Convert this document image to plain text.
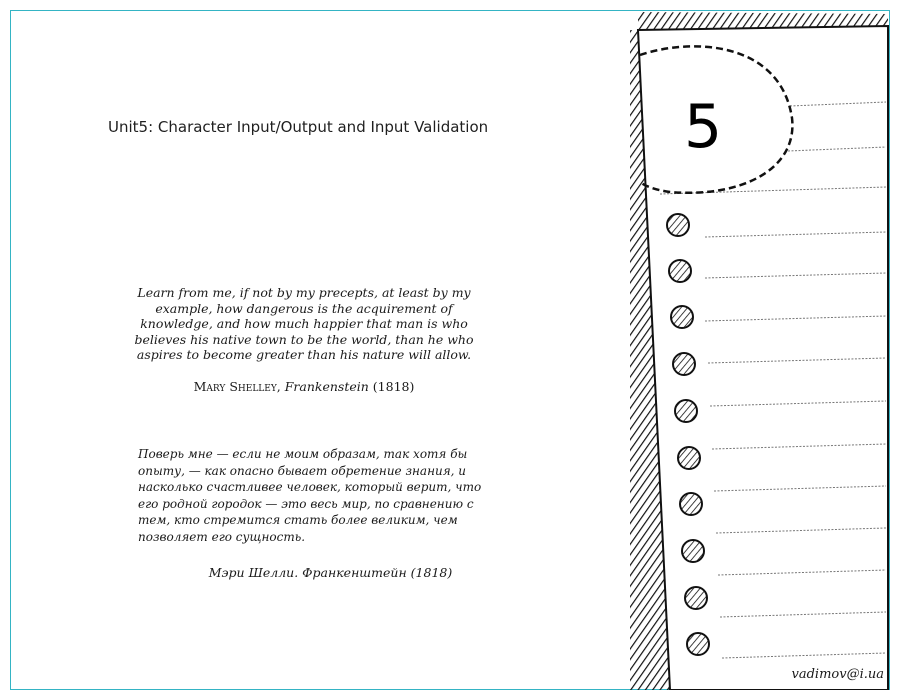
Unit5: Character Input/Output and Input Validation
Learn from me, if not by my precepts, at least by my example, how dangerous is the acquirement of knowledge, and how much happier that man is who believes his native town to be the world, than he who aspires to become greater than his nature will allow.
Mary Shelley, Frankenstein (1818)
Поверь мне — если не моим образам, так хотя бы опыту, — как опасно бывает обретение знания, и насколько счастливее человек, который верит, что его родной городок — это весь мир, по сравнению с тем, кто стремится стать более великим, чем позволяет его сущность.
Мэри Шелли. Франкенштейн (1818)
5
vadimov@i.ua
